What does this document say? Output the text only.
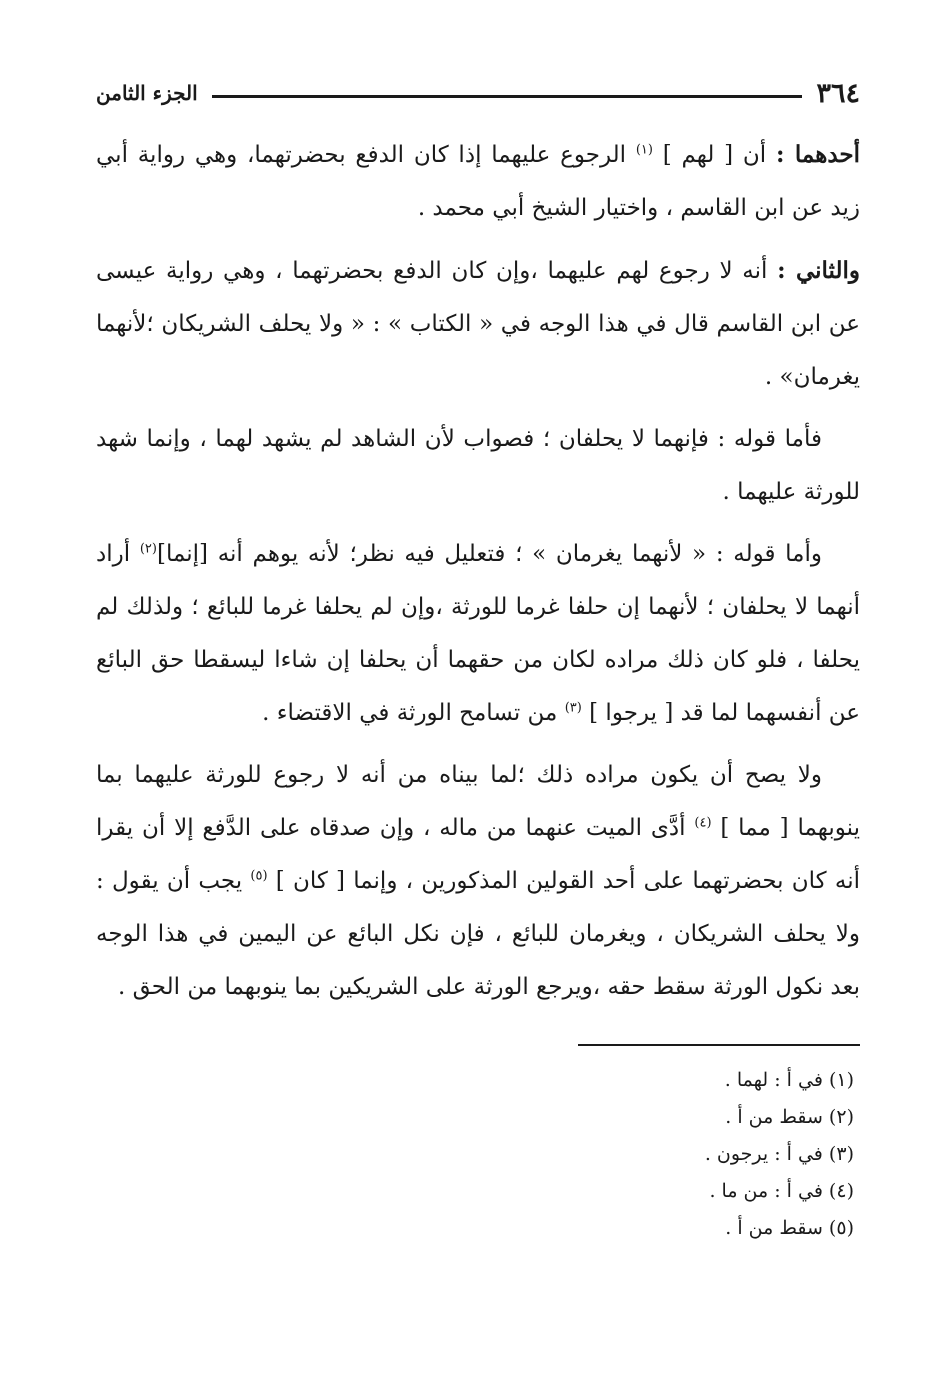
٣٦٤
الجزء الثامن

أحدهما : أن [ لهم ] $^{(١)}$ الرجوع عليهما إذا كان الدفع بحضرتهما، وهي رواية أبي زيد عن ابن القاسم ، واختيار الشيخ أبي محمد .

والثاني : أنه لا رجوع لهم عليهما ،وإن كان الدفع بحضرتهما ، وهي رواية عيسى عن ابن القاسم قال في هذا الوجه في « الكتاب » : « ولا يحلف الشريكان ؛لأنهما يغرمان» .

فأما قوله : فإنهما لا يحلفان ؛ فصواب لأن الشاهد لم يشهد لهما ، وإنما شهد للورثة عليهما .

وأما قوله : « لأنهما يغرمان » ؛ فتعليل فيه نظر؛ لأنه يوهم أنه [إنما]$^{(٢)}$ أراد أنهما لا يحلفان ؛ لأنهما إن حلفا غرما للورثة ،وإن لم يحلفا غرما للبائع ؛ ولذلك لم يحلفا ، فلو كان ذلك مراده لكان من حقهما أن يحلفا إن شاءا ليسقطا حق البائع عن أنفسهما لما قد [ يرجوا ] $^{(٣)}$ من تسامح الورثة في الاقتضاء .

ولا يصح أن يكون مراده ذلك ؛لما بيناه من أنه لا رجوع للورثة عليهما بما ينوبهما [ مما ] $^{(٤)}$ أدَّى الميت عنهما من ماله ، وإن صدقاه على الدَّفع إلا أن يقرا أنه كان بحضرتهما على أحد القولين المذكورين ، وإنما [ كان ] $^{(٥)}$ يجب أن يقول : ولا يحلف الشريكان ، ويغرمان للبائع ، فإن نكل البائع عن اليمين في هذا الوجه بعد نكول الورثة سقط حقه ،ويرجع الورثة على الشريكين بما ينوبهما من الحق .

(١) في أ : لهما .

(٢) سقط من أ .

(٣) في أ : يرجون .

(٤) في أ : من ما .

(٥) سقط من أ .
